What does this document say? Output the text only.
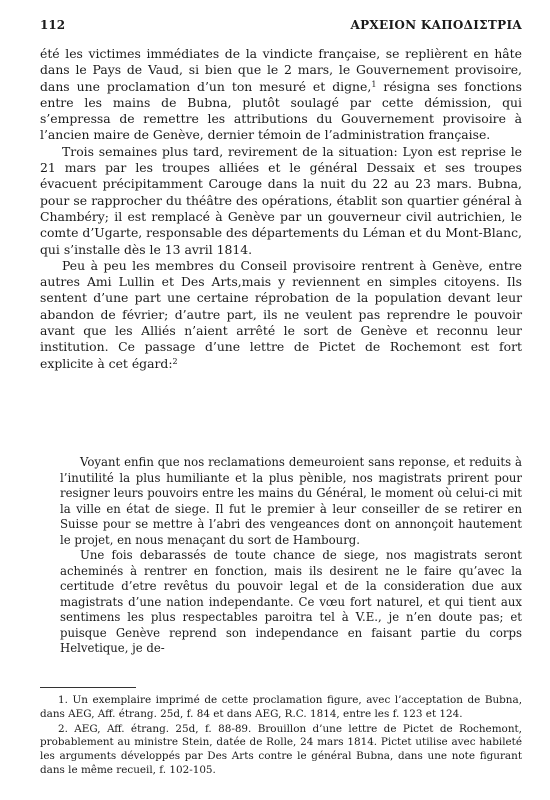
112	ΑΡΧΕΙΟΝ ΚΑΠΟΔΙΣΤΡΙΑ

été les victimes immédiates de la vindicte française, se replièrent en hâte dans le Pays de Vaud, si bien que le 2 mars, le Gouvernement provisoire, dans une proclamation d’un ton mesuré et digne,$^1$ résigna ses fonctions entre les mains de Bubna, plutôt soulagé par cette démission, qui s’empressa de remettre les attributions du Gouvernement provisoire à l’ancien maire de Genève, dernier témoin de l’administration française.

Trois semaines plus tard, revirement de la situation: Lyon est reprise le 21 mars par les troupes alliées et le général Dessaix et ses troupes évacuent précipitamment Carouge dans la nuit du 22 au 23 mars. Bubna, pour se rapprocher du théâtre des opérations, établit son quartier général à Chambéry; il est remplacé à Genève par un gouverneur civil autrichien, le comte d’Ugarte, responsable des départements du Léman et du Mont-Blanc, qui s’installe dès le 13 avril 1814.

Peu à peu les membres du Conseil provisoire rentrent à Genève, entre autres Ami Lullin et Des Arts,mais y reviennent en simples citoyens. Ils sentent d’une part une certaine réprobation de la population devant leur abandon de février; d’autre part, ils ne veulent pas reprendre le pouvoir avant que les Alliés n’aient arrêté le sort de Genève et reconnu leur institution. Ce passage d’une lettre de Pictet de Rochemont est fort explicite à cet égard:$^2$

Voyant enfin que nos reclamations demeuroient sans reponse, et reduits à l’inutilité la plus humiliante et la plus pènible, nos magistrats prirent pour resigner leurs pouvoirs entre les mains du Général, le moment où celui-ci mit la ville en état de siege. Il fut le premier à leur conseiller de se retirer en Suisse pour se mettre à l’abri des vengeances dont on annonçoit hautement le projet, en nous menaçant du sort de Hambourg.

Une fois debarassés de toute chance de siege, nos magistrats seront acheminés à rentrer en fonction, mais ils desirent ne le faire qu’avec la certitude d’etre revêtus du pouvoir legal et de la consideration due aux magistrats d’une nation independante. Ce vœu fort naturel, et qui tient aux sentimens les plus respectables paroitra tel à V.E., je n’en doute pas; et puisque Genève reprend son independance en faisant partie du corps Helvetique, je de-

1. Un exemplaire imprimé de cette proclamation figure, avec l’acceptation de Bubna, dans AEG, Aff. étrang. 25d, f. 84 et dans AEG, R.C. 1814, entre les f. 123 et 124.

2. AEG, Aff. étrang. 25d, f. 88-89. Brouillon d’une lettre de Pictet de Rochemont, probablement au ministre Stein, datée de Rolle, 24 mars 1814. Pictet utilise avec habileté les arguments développés par Des Arts contre le général Bubna, dans une note figurant dans le même recueil, f. 102-105.
